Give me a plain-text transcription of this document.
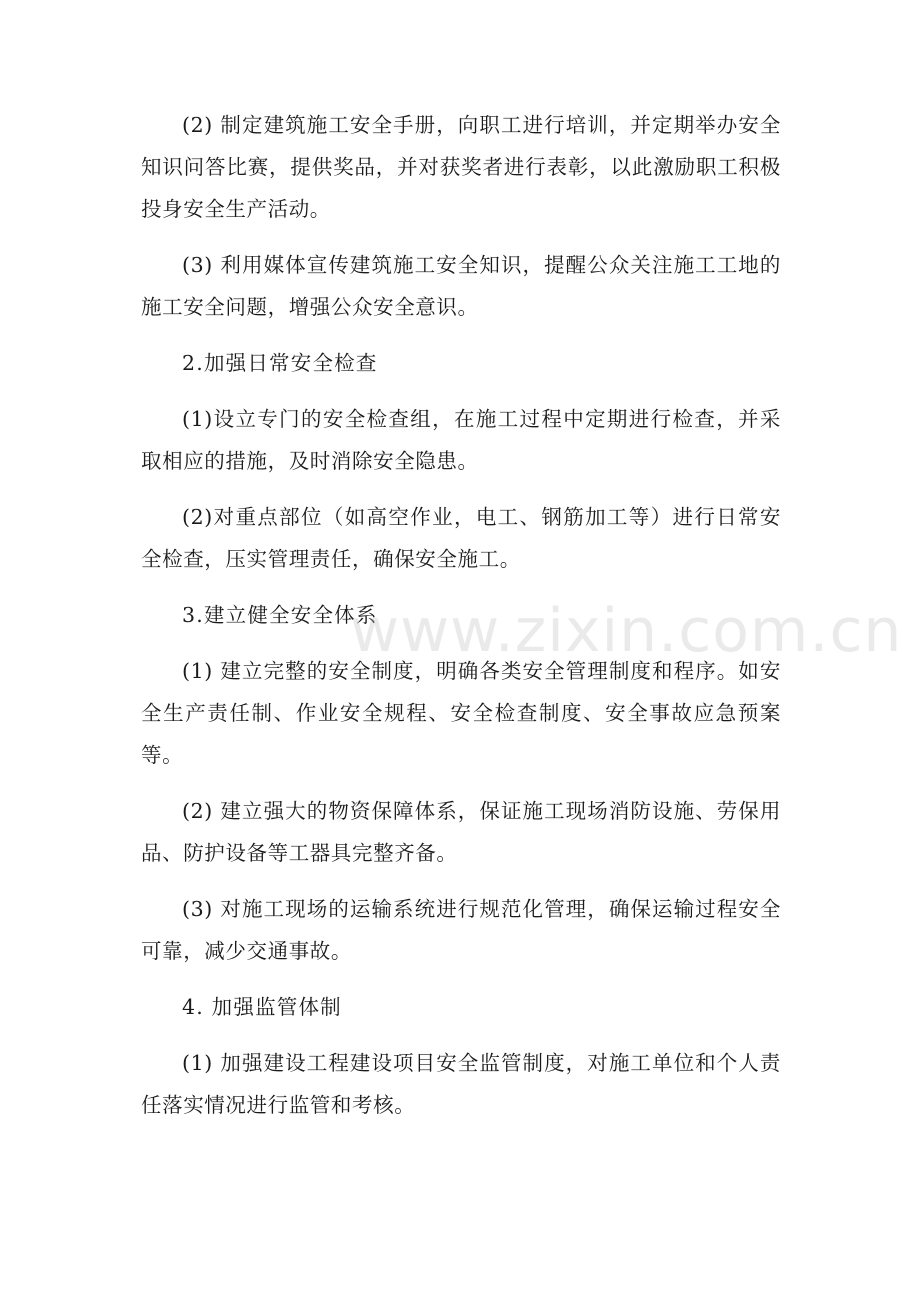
(2) 制定建筑施工安全手册，向职工进行培训，并定期举办安全知识问答比赛，提供奖品，并对获奖者进行表彰，以此激励职工积极投身安全生产活动。

(3) 利用媒体宣传建筑施工安全知识，提醒公众关注施工工地的施工安全问题，增强公众安全意识。

2.加强日常安全检查

(1)设立专门的安全检查组，在施工过程中定期进行检查，并采取相应的措施，及时消除安全隐患。

(2)对重点部位（如高空作业，电工、钢筋加工等）进行日常安全检查，压实管理责任，确保安全施工。

3.建立健全安全体系

(1) 建立完整的安全制度，明确各类安全管理制度和程序。如安全生产责任制、作业安全规程、安全检查制度、安全事故应急预案等。

(2) 建立强大的物资保障体系，保证施工现场消防设施、劳保用品、防护设备等工器具完整齐备。

(3) 对施工现场的运输系统进行规范化管理，确保运输过程安全可靠，减少交通事故。

4. 加强监管体制

(1) 加强建设工程建设项目安全监管制度，对施工单位和个人责任落实情况进行监管和考核。

www.zixin.com.cn
